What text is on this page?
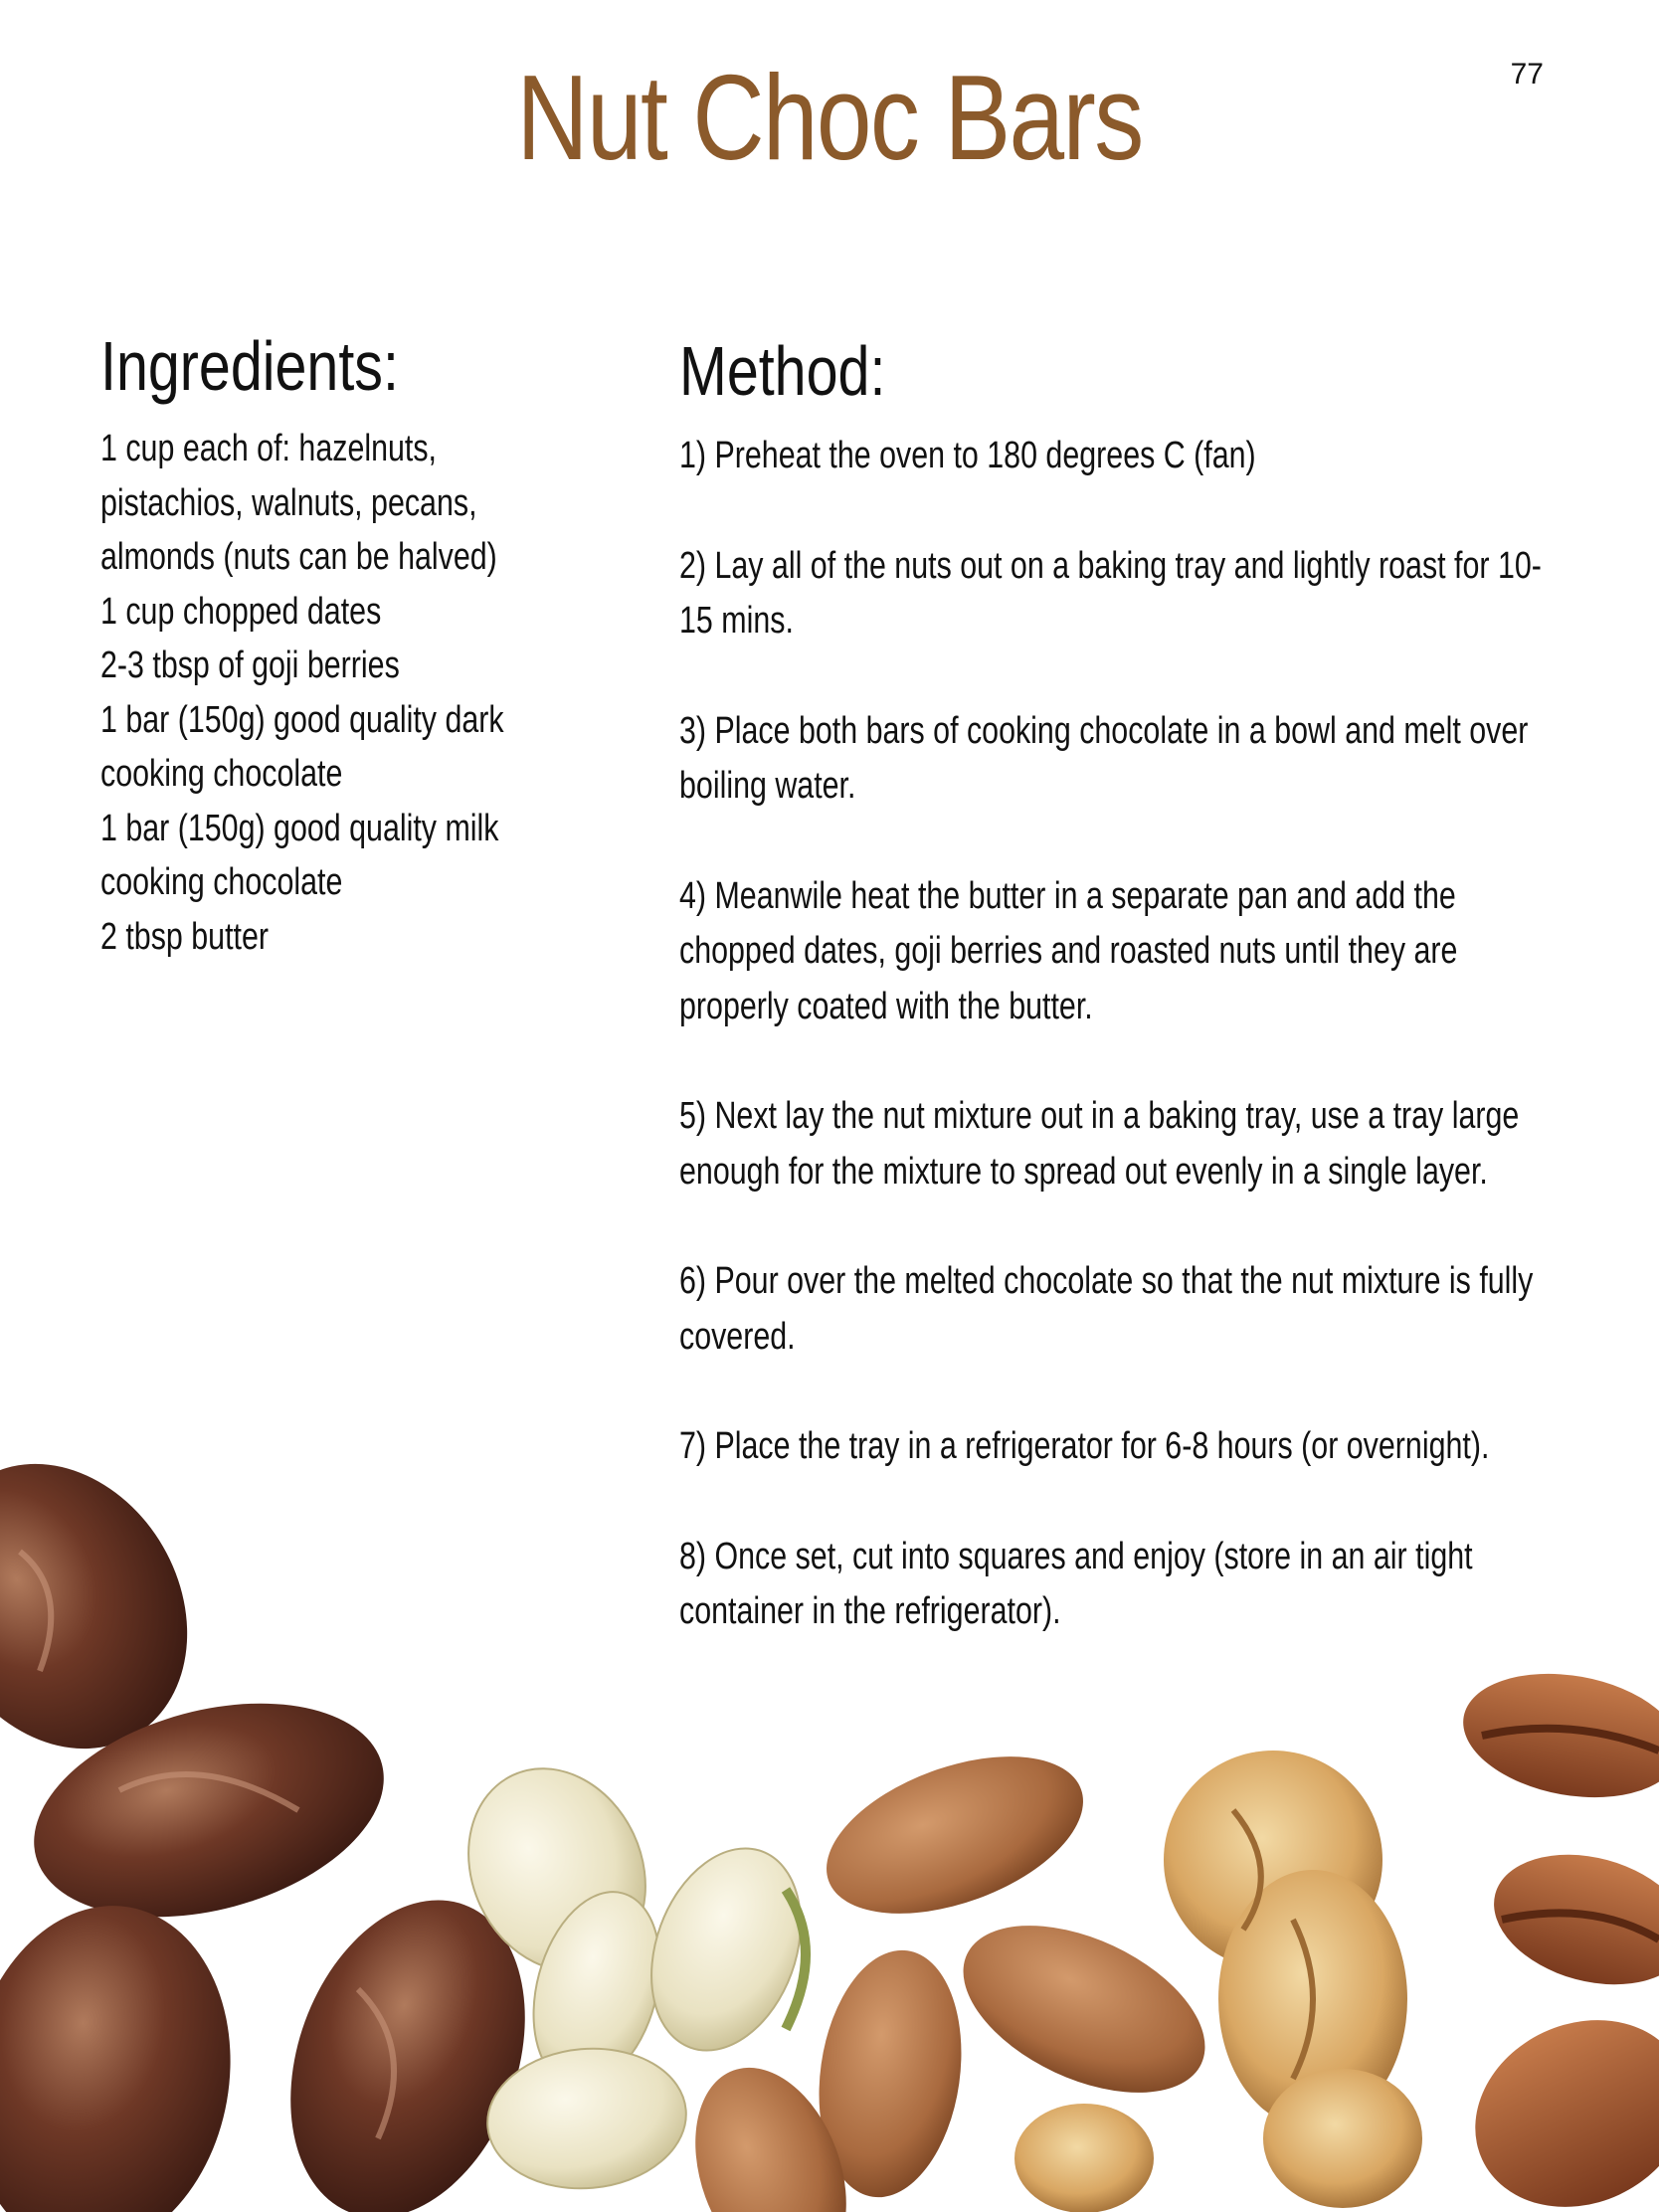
77
Nut Choc Bars
Ingredients:
1 cup each of: hazelnuts,
pistachios, walnuts, pecans,
almonds (nuts can be halved)
1 cup chopped dates
2-3 tbsp of goji berries
1 bar (150g) good quality dark
cooking chocolate
1 bar (150g) good quality milk
cooking chocolate
2 tbsp butter
Method:
1) Preheat the oven to 180 degrees C (fan)
2) Lay all of the nuts out on a baking tray and lightly roast for 10-15 mins.
3) Place both bars of cooking chocolate in a bowl and melt over boiling water.
4) Meanwile heat the butter in a separate pan and add the chopped dates, goji berries and roasted nuts until they are properly coated with the butter.
5) Next lay the nut mixture out in a baking tray, use a tray large enough for the mixture to spread out evenly in a single layer.
6) Pour over the melted chocolate so that the nut mixture is fully covered.
7) Place the tray in a refrigerator for 6-8 hours (or overnight).
8) Once set, cut into squares and enjoy (store in an air tight container in the refrigerator).
